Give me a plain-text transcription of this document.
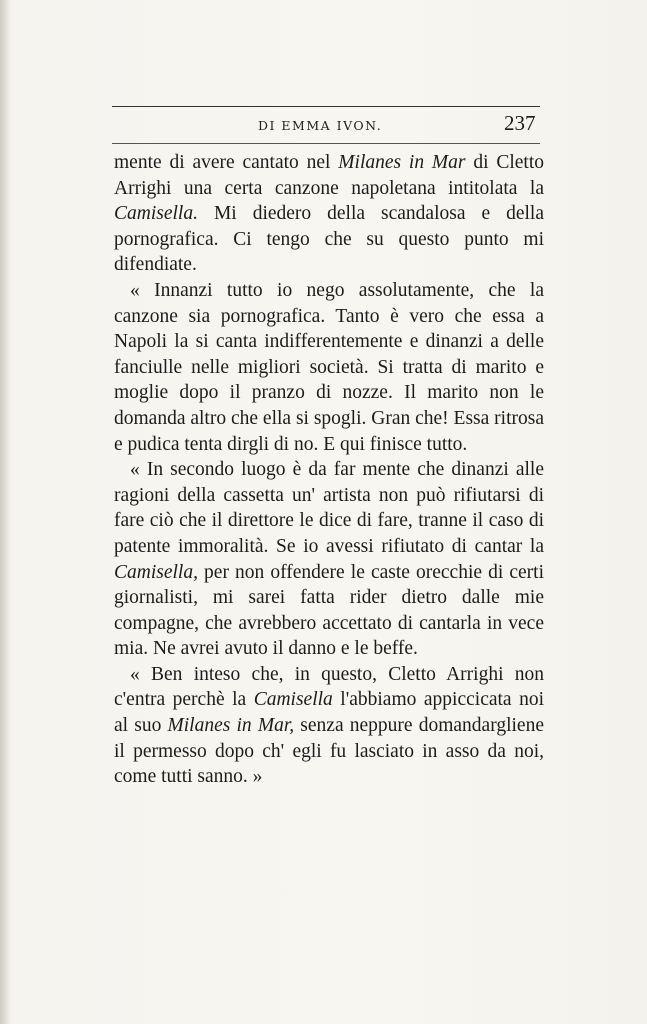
DI EMMA IVON.	237

mente di avere cantato nel Milanes in Mar di Cletto Arrighi una certa canzone napoletana intitolata la Camisella. Mi diedero della scandalosa e della pornografica. Ci tengo che su questo punto mi difendiate.

« Innanzi tutto io nego assolutamente, che la canzone sia pornografica. Tanto è vero che essa a Napoli la si canta indifferentemente e dinanzi a delle fanciulle nelle migliori società. Si tratta di marito e moglie dopo il pranzo di nozze. Il marito non le domanda altro che ella si spogli. Gran che! Essa ritrosa e pudica tenta dirgli di no. E qui finisce tutto.

« In secondo luogo è da far mente che dinanzi alle ragioni della cassetta un' artista non può rifiutarsi di fare ciò che il direttore le dice di fare, tranne il caso di patente immoralità. Se io avessi rifiutato di cantar la Camisella, per non offendere le caste orecchie di certi giornalisti, mi sarei fatta rider dietro dalle mie compagne, che avrebbero accettato di cantarla in vece mia. Ne avrei avuto il danno e le beffe.

« Ben inteso che, in questo, Cletto Arrighi non c'entra perchè la Camisella l'abbiamo appiccicata noi al suo Milanes in Mar, senza neppure domandargliene il permesso dopo ch' egli fu lasciato in asso da noi, come tutti sanno. »
